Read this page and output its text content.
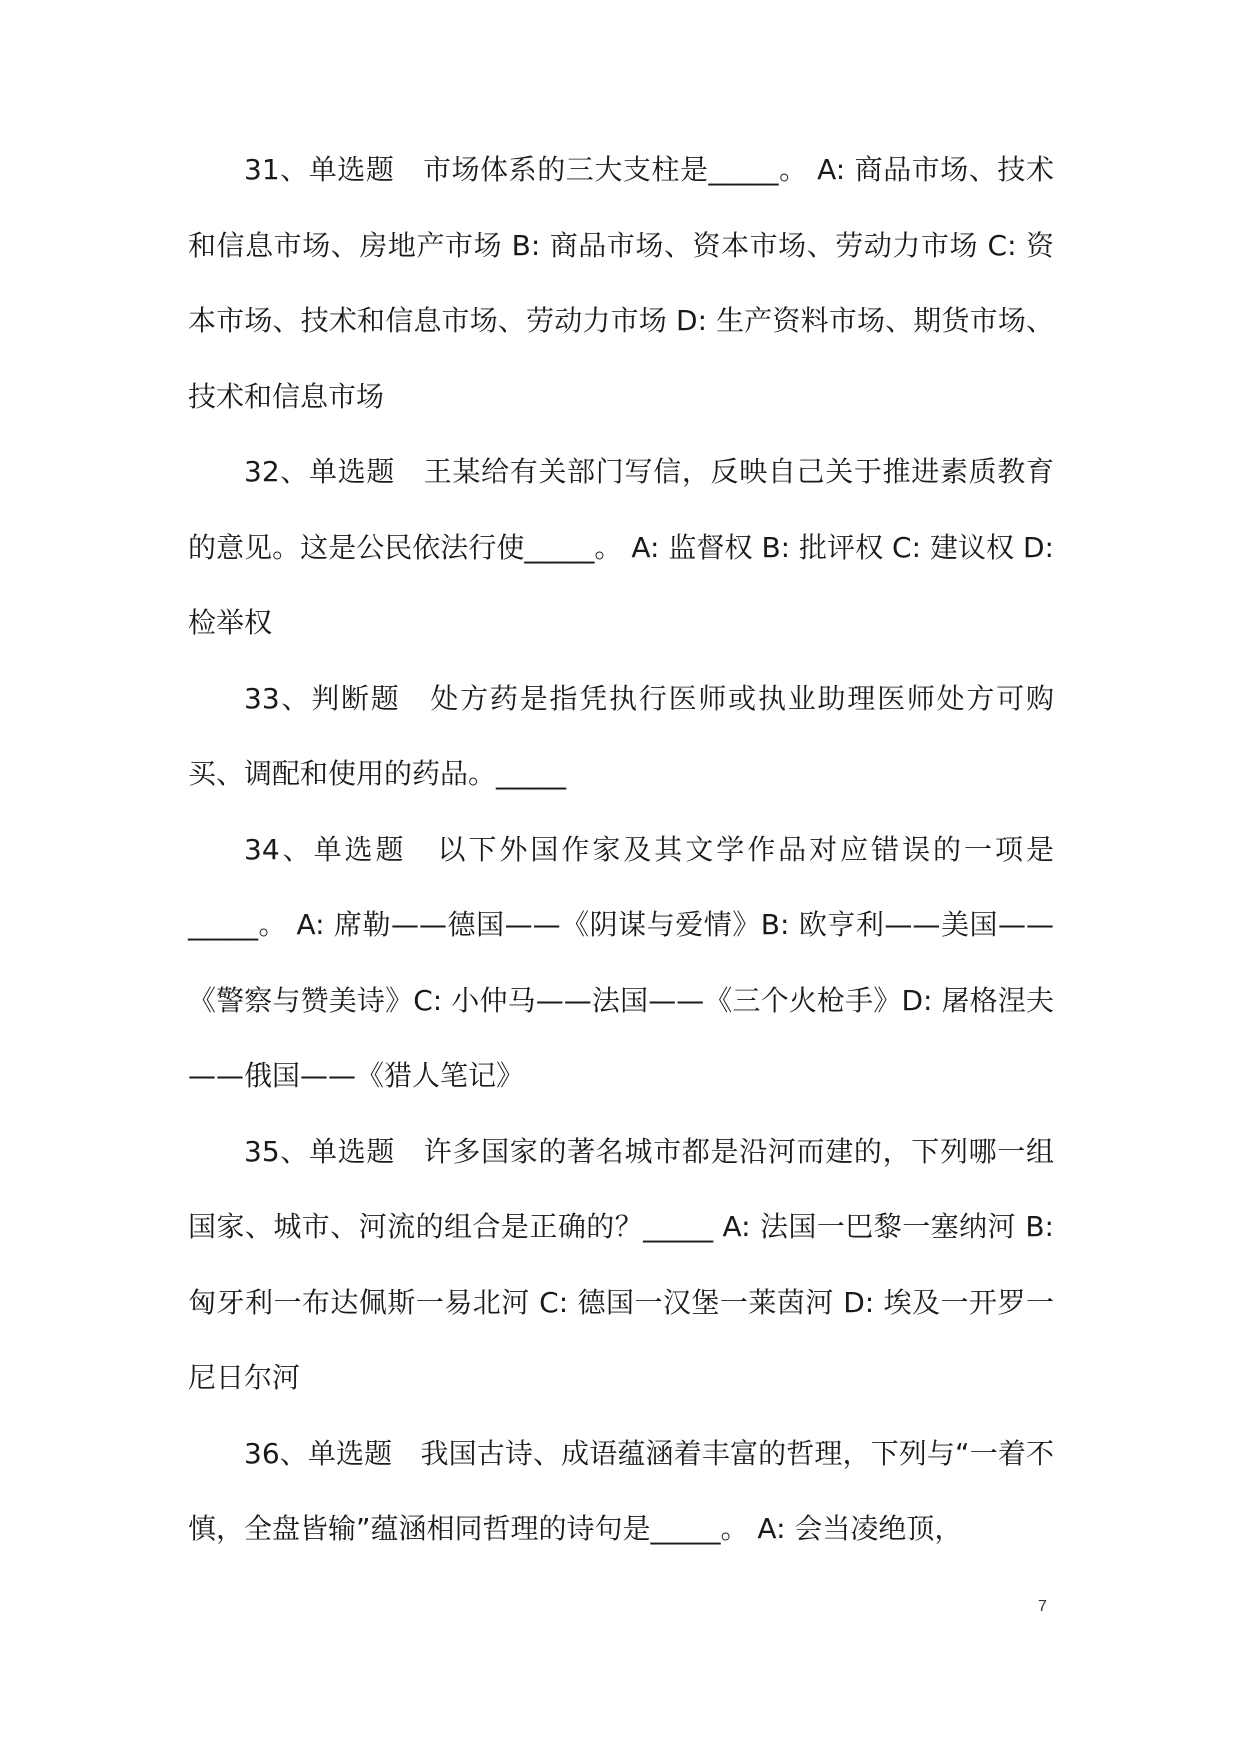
31、单选题　 市场体系的三大支柱是_____。 A: 商品市场、技术和信息市场、房地产市场 B: 商品市场、资本市场、劳动力市场 C: 资本市场、技术和信息市场、劳动力市场 D: 生产资料市场、期货市场、技术和信息市场

32、单选题　 王某给有关部门写信，反映自己关于推进素质教育的意见。这是公民依法行使_____。 A: 监督权 B: 批评权 C: 建议权 D: 检举权

33、判断题　 处方药是指凭执行医师或执业助理医师处方可购买、调配和使用的药品。_____

34、单选题　 以下外国作家及其文学作品对应错误的一项是_____。 A: 席勒——德国——《阴谋与爱情》B: 欧亨利——美国——《警察与赞美诗》C: 小仲马——法国——《三个火枪手》D: 屠格涅夫——俄国——《猎人笔记》

35、单选题　 许多国家的著名城市都是沿河而建的，下列哪一组国家、城市、河流的组合是正确的？_____ A: 法国一巴黎一塞纳河 B: 匈牙利一布达佩斯一易北河 C: 德国一汉堡一莱茵河 D: 埃及一开罗一尼日尔河

36、单选题　 我国古诗、成语蕴涵着丰富的哲理，下列与“一着不慎，全盘皆输”蕴涵相同哲理的诗句是_____。 A: 会当凌绝顶，

7
